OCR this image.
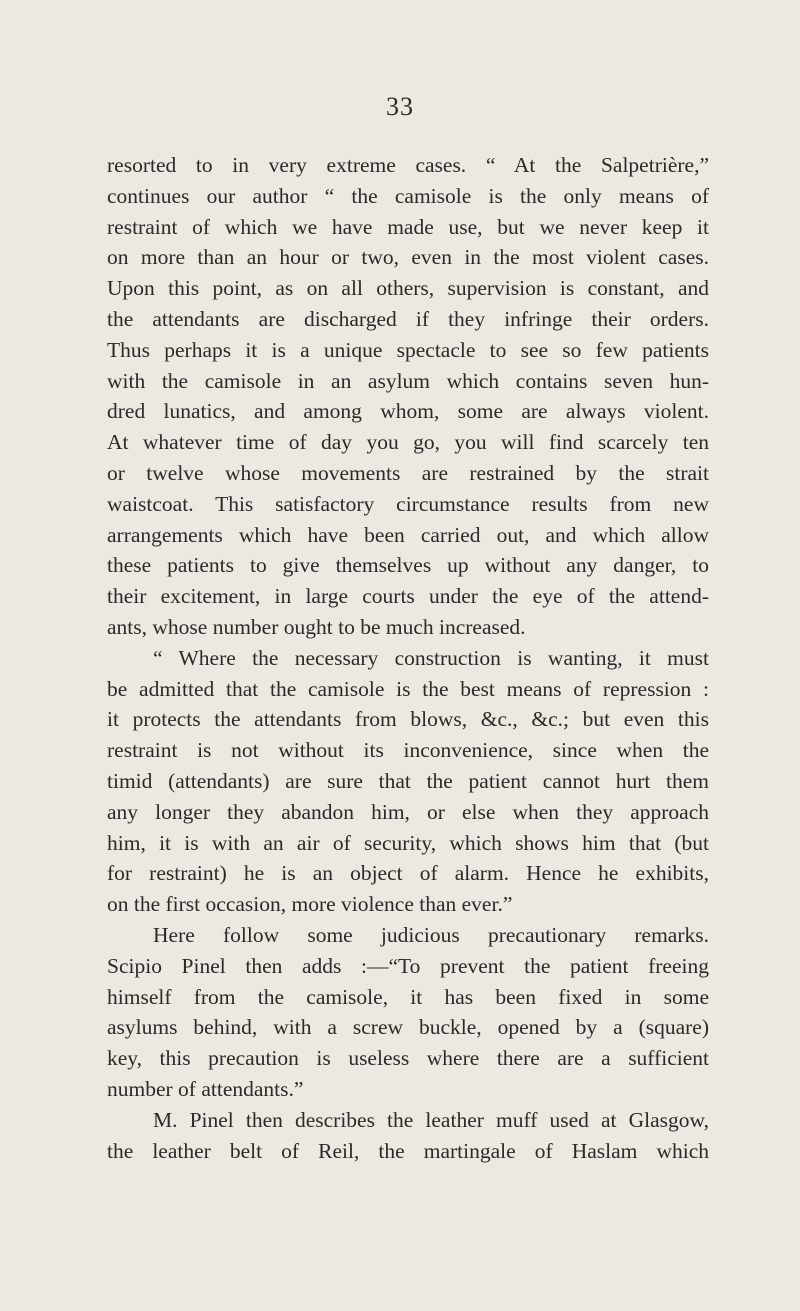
33
resorted to in very extreme cases. “ At the Salpetrière,”
continues our author “ the camisole is the only means of
restraint of which we have made use, but we never keep it
on more than an hour or two, even in the most violent cases.
Upon this point, as on all others, supervision is constant, and
the attendants are discharged if they infringe their orders.
Thus perhaps it is a unique spectacle to see so few patients
with the camisole in an asylum which contains seven hun-
dred lunatics, and among whom, some are always violent.
At whatever time of day you go, you will find scarcely ten
or twelve whose movements are restrained by the strait
waistcoat. This satisfactory circumstance results from new
arrangements which have been carried out, and which allow
these patients to give themselves up without any danger, to
their excitement, in large courts under the eye of the attend-
ants, whose number ought to be much increased.
“ Where the necessary construction is wanting, it must
be admitted that the camisole is the best means of repression :
it protects the attendants from blows, &c., &c.; but even this
restraint is not without its inconvenience, since when the
timid (attendants) are sure that the patient cannot hurt them
any longer they abandon him, or else when they approach
him, it is with an air of security, which shows him that (but
for restraint) he is an object of alarm. Hence he exhibits,
on the first occasion, more violence than ever.”
Here follow some judicious precautionary remarks.
Scipio Pinel then adds :—“To prevent the patient freeing
himself from the camisole, it has been fixed in some
asylums behind, with a screw buckle, opened by a (square)
key, this precaution is useless where there are a sufficient
number of attendants.”
M. Pinel then describes the leather muff used at Glasgow,
the leather belt of Reil, the martingale of Haslam which
